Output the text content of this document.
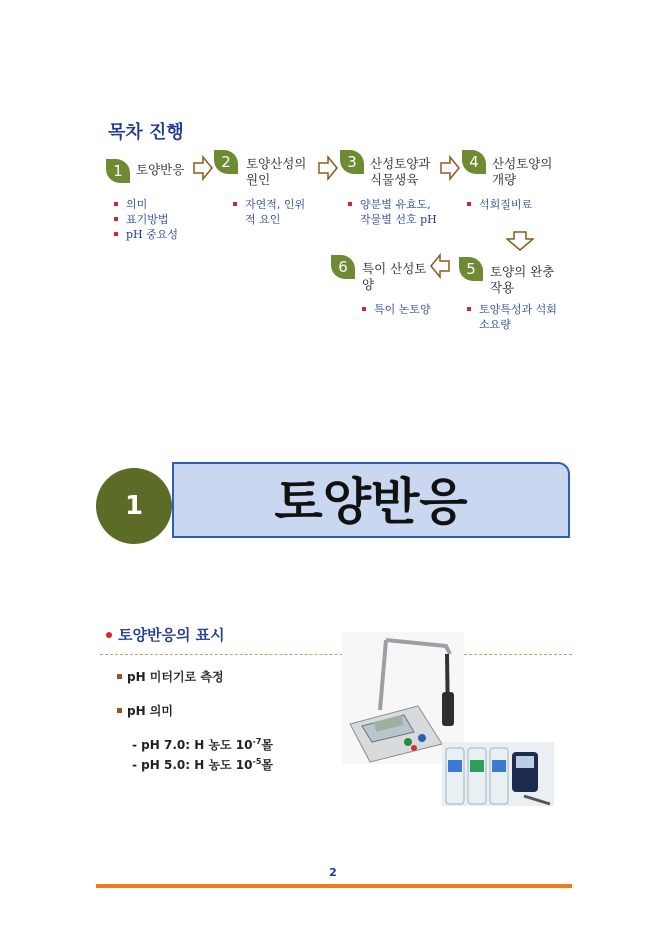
목차 진행
1	토양반응
의미
표기방법
pH 중요성
2	토양산성의 원인
자연적, 인위적 요인
3	산성토양과 식물생육
양분별 유효도, 작물별 선호 pH
4	산성토양의 개량
석회질비료
5	토양의 완충작용
토양특성과 석회소요량
6	특이 산성토양
특이 논토양
토양반응
1
토양반응의 표시
pH 미터기로 측정
pH 의미
- pH 7.0: H 농도 $10^{-7}$몰
- pH 5.0: H 농도 $10^{-5}$몰
2
